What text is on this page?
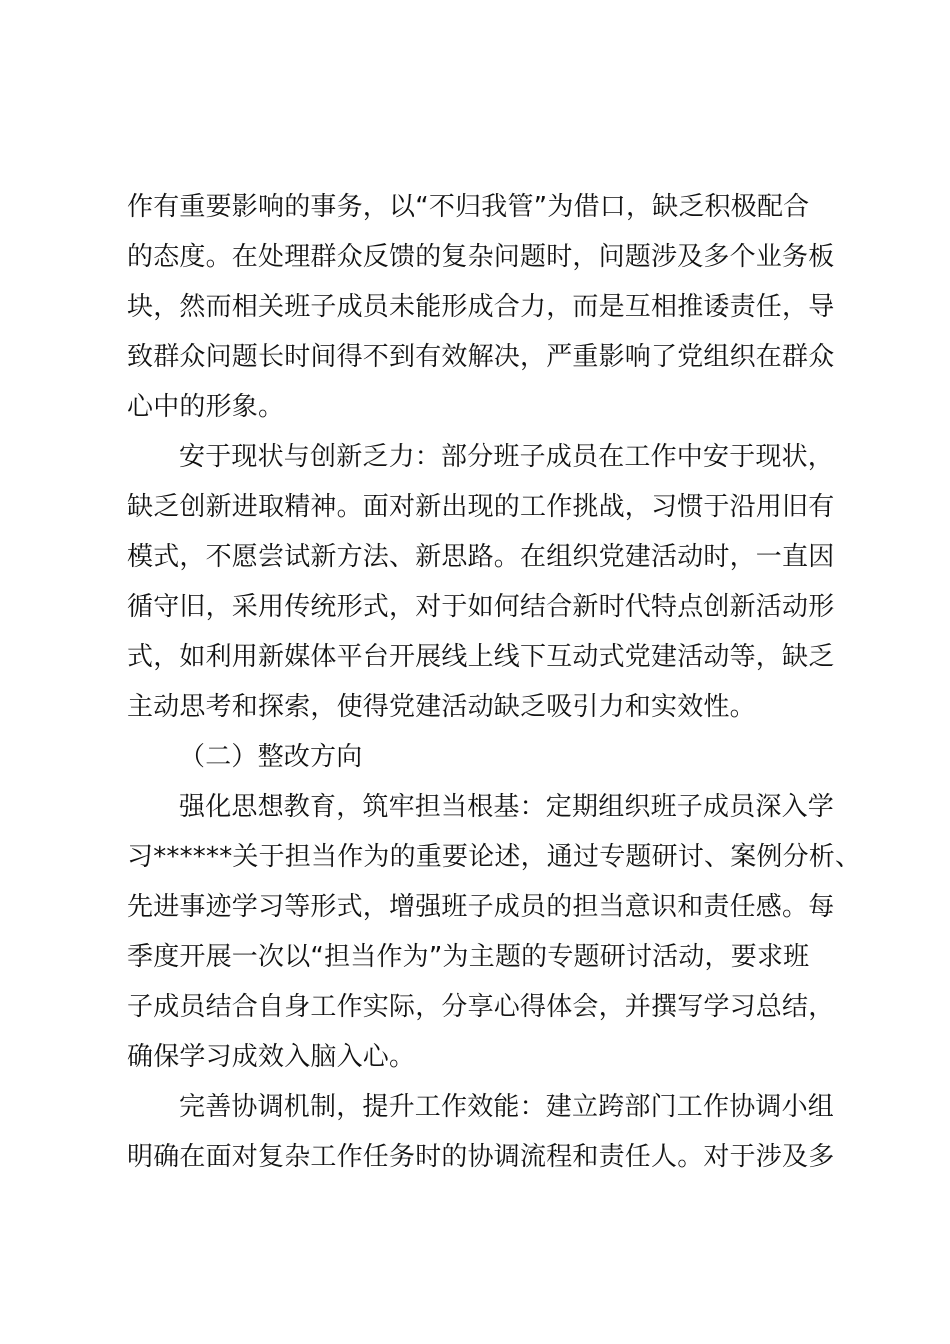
作有重要影响的事务，以“不归我管”为借口，缺乏积极配合
的态度。在处理群众反馈的复杂问题时，问题涉及多个业务板
块，然而相关班子成员未能形成合力，而是互相推诿责任，导
致群众问题长时间得不到有效解决，严重影响了党组织在群众
心中的形象。
安于现状与创新乏力：部分班子成员在工作中安于现状，
缺乏创新进取精神。面对新出现的工作挑战，习惯于沿用旧有
模式，不愿尝试新方法、新思路。在组织党建活动时，一直因
循守旧，采用传统形式，对于如何结合新时代特点创新活动形
式，如利用新媒体平台开展线上线下互动式党建活动等，缺乏
主动思考和探索，使得党建活动缺乏吸引力和实效性。
（二）整改方向
强化思想教育，筑牢担当根基：定期组织班子成员深入学
习******关于担当作为的重要论述，通过专题研讨、案例分析、
先进事迹学习等形式，增强班子成员的担当意识和责任感。每
季度开展一次以“担当作为”为主题的专题研讨活动，要求班
子成员结合自身工作实际，分享心得体会，并撰写学习总结，
确保学习成效入脑入心。
完善协调机制，提升工作效能：建立跨部门工作协调小组
明确在面对复杂工作任务时的协调流程和责任人。对于涉及多
